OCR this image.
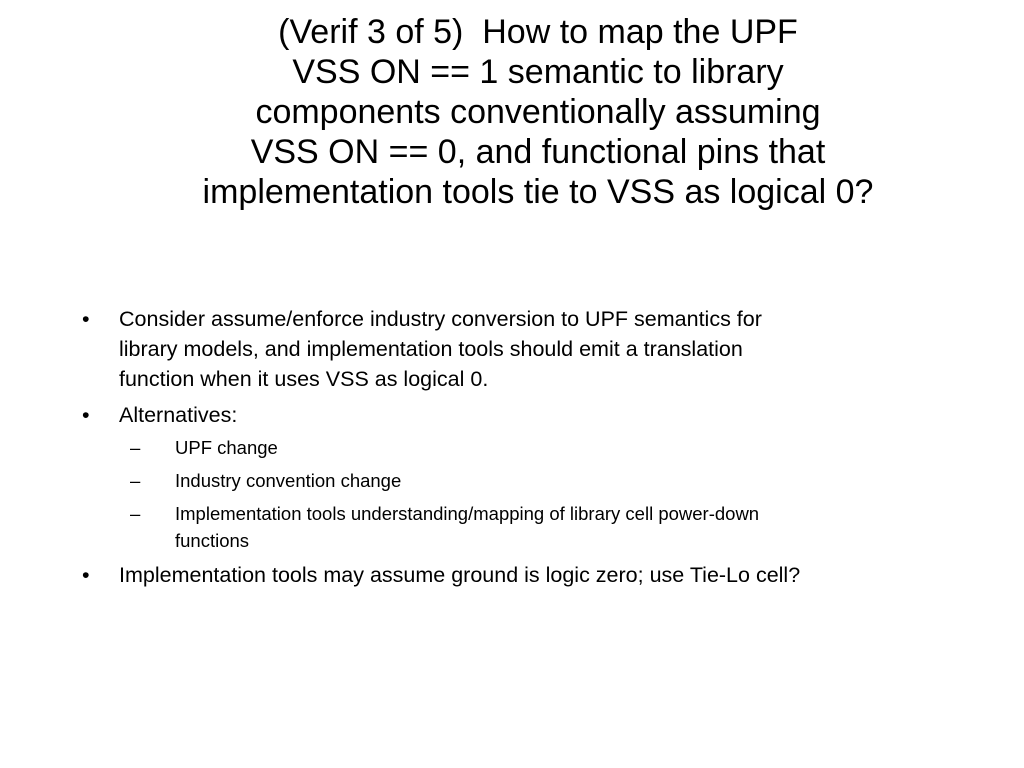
(Verif 3 of 5)  How to map the UPF
VSS ON == 1 semantic to library
components conventionally assuming
VSS ON == 0, and functional pins that
implementation tools tie to VSS as logical 0?
•	Consider assume/enforce industry conversion to UPF semantics for
library models, and implementation tools should emit a translation
function when it uses VSS as logical 0.
•	Alternatives:
–	UPF change
–	Industry convention change
–	Implementation tools understanding/mapping of library cell power-down
functions
•	Implementation tools may assume ground is logic zero; use Tie-Lo cell?
